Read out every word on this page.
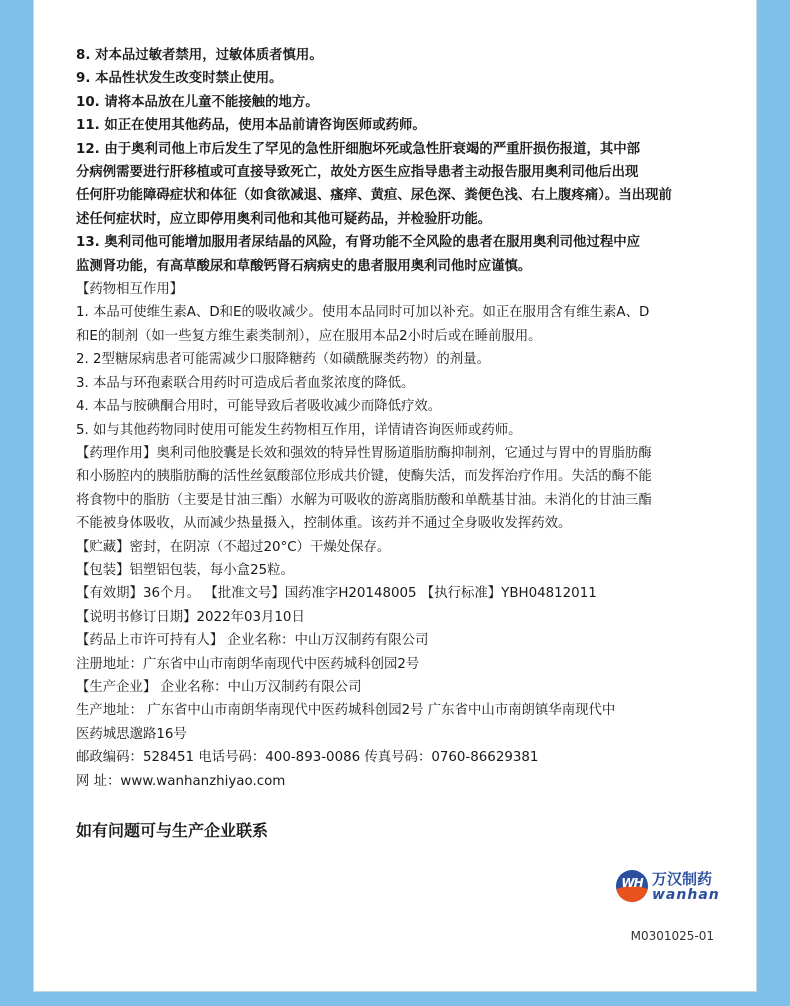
8. 对本品过敏者禁用，过敏体质者慎用。
9. 本品性状发生改变时禁止使用。
10. 请将本品放在儿童不能接触的地方。
11. 如正在使用其他药品，使用本品前请咨询医师或药师。
12. 由于奥利司他上市后发生了罕见的急性肝细胞坏死或急性肝衰竭的严重肝损伤报道，其中部
分病例需要进行肝移植或可直接导致死亡，故处方医生应指导患者主动报告服用奥利司他后出现
任何肝功能障碍症状和体征（如食欲减退、瘙痒、黄疸、尿色深、粪便色浅、右上腹疼痛）。当出现前
述任何症状时，应立即停用奥利司他和其他可疑药品，并检验肝功能。
13. 奥利司他可能增加服用者尿结晶的风险，有肾功能不全风险的患者在服用奥利司他过程中应
监测肾功能，有高草酸尿和草酸钙肾石病病史的患者服用奥利司他时应谨慎。
【药物相互作用】
1. 本品可使维生素A、D和E的吸收减少。使用本品同时可加以补充。如正在服用含有维生素A、D
和E的制剂（如一些复方维生素类制剂），应在服用本品2小时后或在睡前服用。
2. 2型糖尿病患者可能需减少口服降糖药（如磺酰脲类药物）的剂量。
3. 本品与环孢素联合用药时可造成后者血浆浓度的降低。
4. 本品与胺碘酮合用时，可能导致后者吸收减少而降低疗效。
5. 如与其他药物同时使用可能发生药物相互作用，详情请咨询医师或药师。
【药理作用】奥利司他胶囊是长效和强效的特异性胃肠道脂肪酶抑制剂，它通过与胃中的胃脂肪酶
和小肠腔内的胰脂肪酶的活性丝氨酸部位形成共价键，使酶失活，而发挥治疗作用。失活的酶不能
将食物中的脂肪（主要是甘油三酯）水解为可吸收的游离脂肪酸和单酰基甘油。未消化的甘油三酯
不能被身体吸收，从而减少热量摄入，控制体重。该药并不通过全身吸收发挥药效。
【贮藏】密封，在阴凉（不超过20°C）干燥处保存。
【包装】铝塑铝包装，每小盒25粒。
【有效期】36个月。 【批准文号】国药准字H20148005 【执行标准】YBH04812011
【说明书修订日期】2022年03月10日
【药品上市许可持有人】 企业名称：中山万汉制药有限公司
注册地址：广东省中山市南朗华南现代中医药城科创园2号
【生产企业】 企业名称：中山万汉制药有限公司
生产地址： 广东省中山市南朗华南现代中医药城科创园2号 广东省中山市南朗镇华南现代中
医药城思邈路16号
邮政编码：528451 电话号码：400-893-0086 传真号码：0760-86629381
网 址：www.wanhanzhiyao.com
如有问题可与生产企业联系
WH 万汉制药
wanhan
M0301025-01
